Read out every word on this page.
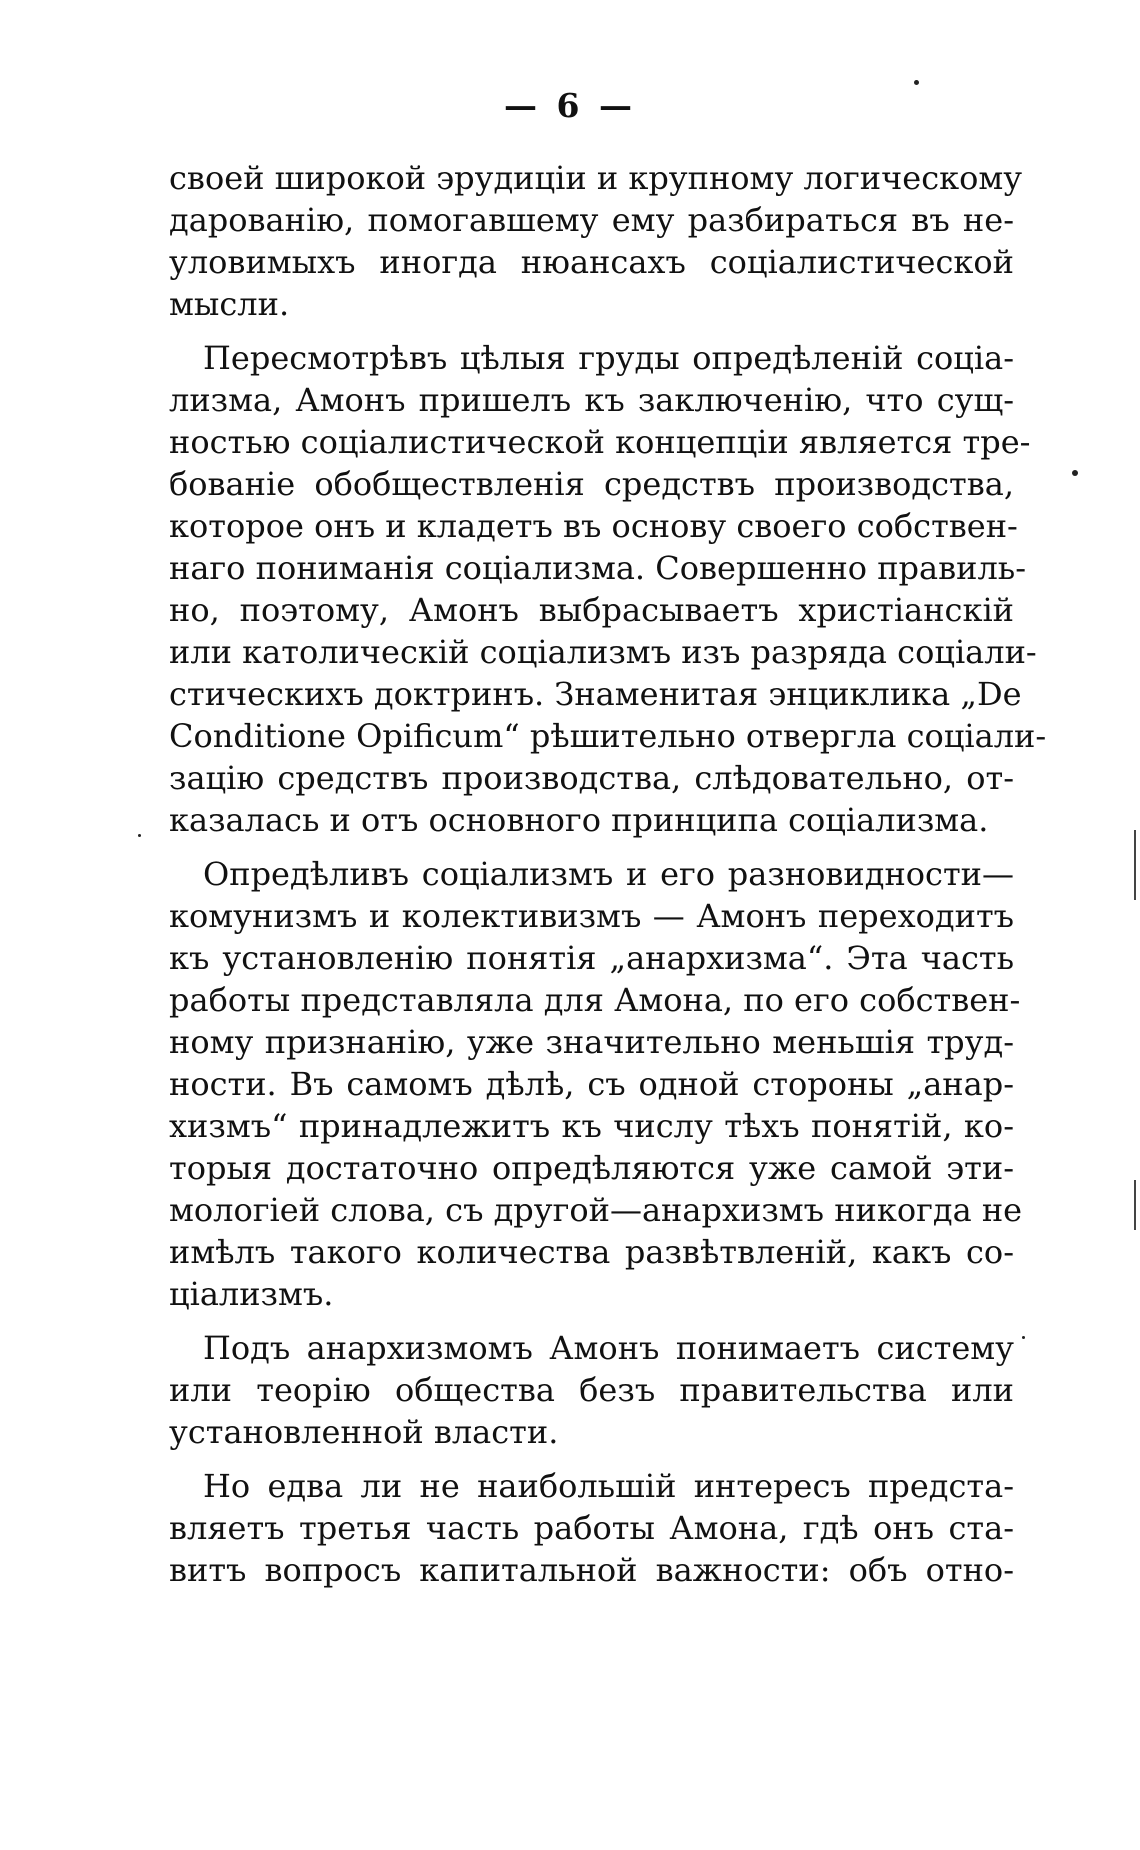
— 6 —
своей широкой эрудиціи и крупному логическому
дарованію, помогавшему ему разбираться въ не-
уловимыхъ иногда нюансахъ соціалистической
мысли.
Пересмотрѣвъ цѣлыя груды опредѣленій соціа-
лизма, Амонъ пришелъ къ заключенію, что сущ-
ностью соціалистической концепціи является тре-
бованіе обобществленія средствъ производства,
которое онъ и кладетъ въ основу своего собствен-
наго пониманія соціализма. Совершенно правиль-
но, поэтому, Амонъ выбрасываетъ христіанскій
или католическій соціализмъ изъ разряда соціали-
стическихъ доктринъ. Знаменитая энциклика „De
Conditione Opificum“ рѣшительно отвергла соціали-
зацію средствъ производства, слѣдовательно, от-
казалась и отъ основного принципа соціализма.
Опредѣливъ соціализмъ и его разновидности—
комунизмъ и колективизмъ — Амонъ переходитъ
къ установленію понятія „анархизма“. Эта часть
работы представляла для Амона, по его собствен-
ному признанію, уже значительно меньшія труд-
ности. Въ самомъ дѣлѣ, съ одной стороны „анар-
хизмъ“ принадлежитъ къ числу тѣхъ понятій, ко-
торыя достаточно опредѣляются уже самой эти-
мологіей слова, съ другой—анархизмъ никогда не
имѣлъ такого количества развѣтвленій, какъ со-
ціализмъ.
Подъ анархизмомъ Амонъ понимаетъ систему
или теорію общества безъ правительства или
установленной власти.
Но едва ли не наибольшій интересъ предста-
вляетъ третья часть работы Амона, гдѣ онъ ста-
витъ вопросъ капитальной важности: объ отно-
